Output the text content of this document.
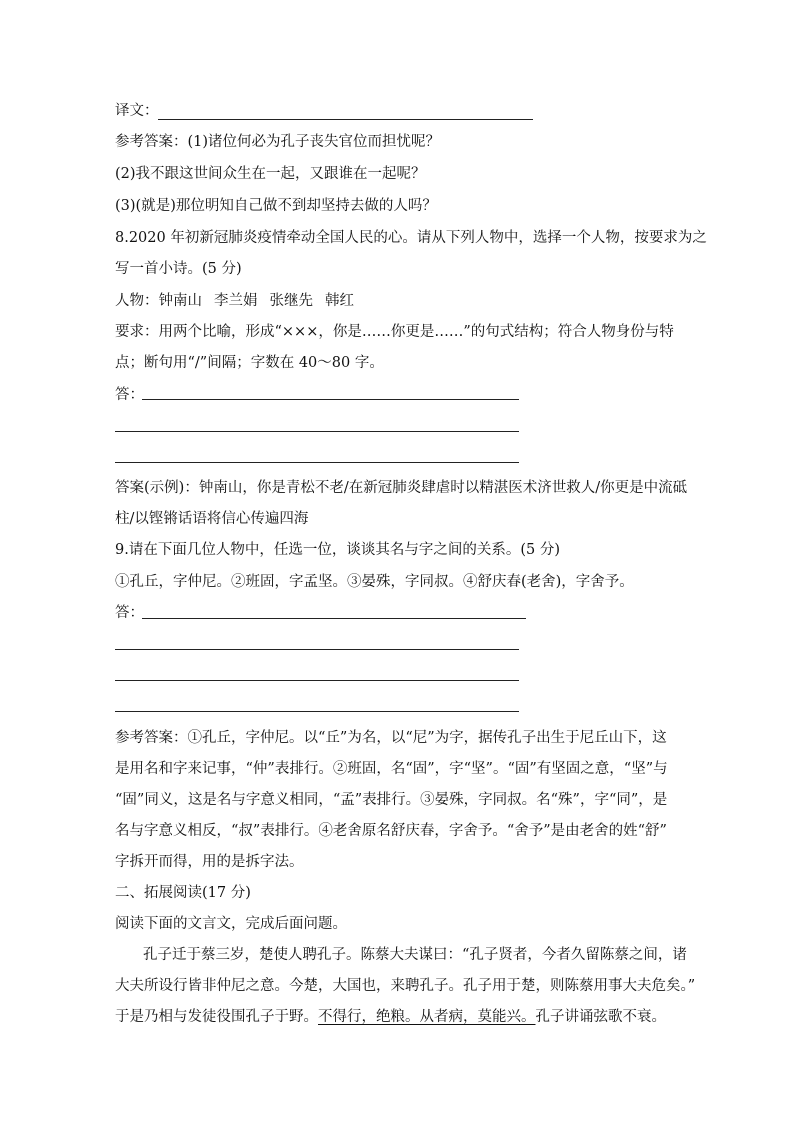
译文：
参考答案：(1)诸位何必为孔子丧失官位而担忧呢？
(2)我不跟这世间众生在一起，又跟谁在一起呢？
(3)(就是)那位明知自己做不到却坚持去做的人吗？
8.2020 年初新冠肺炎疫情牵动全国人民的心。请从下列人物中，选择一个人物，按要求为之
写一首小诗。(5 分)
人物：钟南山 李兰娟 张继先 韩红
要求：用两个比喻，形成“×××，你是……你更是……”的句式结构；符合人物身份与特
点；断句用“/”间隔；字数在 40～80 字。
答：
答案(示例)：钟南山，你是青松不老/在新冠肺炎肆虐时以精湛医术济世救人/你更是中流砥
柱/以铿锵话语将信心传遍四海
9.请在下面几位人物中，任选一位，谈谈其名与字之间的关系。(5 分)
①孔丘，字仲尼。②班固，字孟坚。③晏殊，字同叔。④舒庆春(老舍)，字舍予。
答：
参考答案：①孔丘，字仲尼。以“丘”为名，以“尼”为字，据传孔子出生于尼丘山下，这
是用名和字来记事，“仲”表排行。②班固，名“固”，字“坚”。“固”有坚固之意，“坚”与
“固”同义，这是名与字意义相同，“孟”表排行。③晏殊，字同叔。名“殊”，字“同”，是
名与字意义相反，“叔”表排行。④老舍原名舒庆春，字舍予。“舍予”是由老舍的姓“舒”
字拆开而得，用的是拆字法。
二、拓展阅读(17 分)
阅读下面的文言文，完成后面问题。
孔子迁于蔡三岁，楚使人聘孔子。陈蔡大夫谋曰：“孔子贤者，今者久留陈蔡之间，诸
大夫所设行皆非仲尼之意。今楚，大国也，来聘孔子。孔子用于楚，则陈蔡用事大夫危矣。”
于是乃相与发徒役围孔子于野。不得行，绝粮。从者病，莫能兴。孔子讲诵弦歌不衰。
